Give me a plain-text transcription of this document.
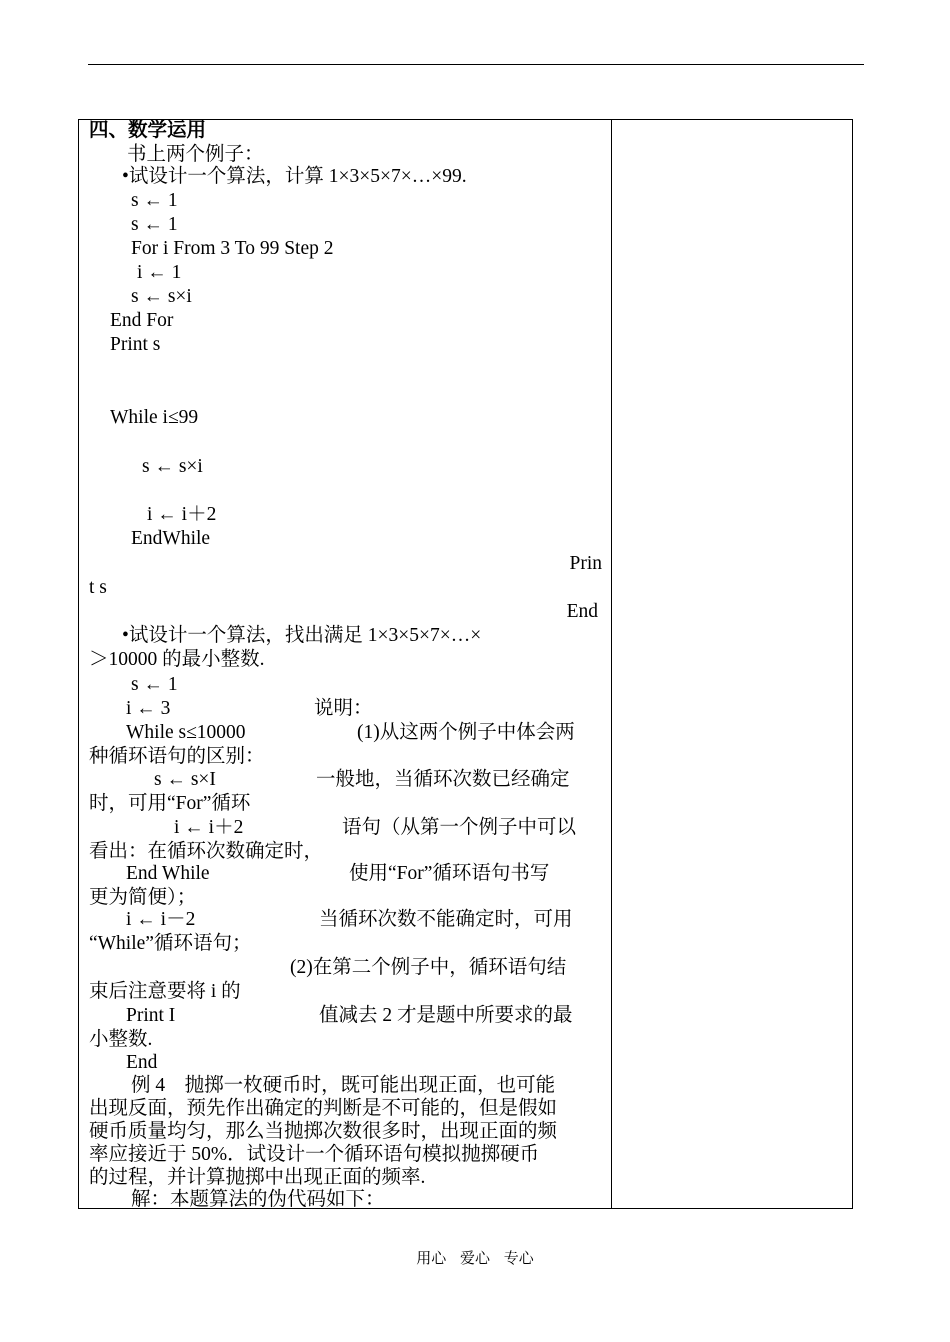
四、数学运用
书上两个例子：
•试设计一个算法，计算 1×3×5×7×…×99.
s ← 1
s ← 1
For i From 3 To 99 Step 2
i ← 1
s ← s×i
End For
Print s
While i≤99
s ← s×i
i ← i＋2
EndWhile
Prin
t s
End
•试设计一个算法，找出满足 1×3×5×7×…×
＞10000 的最小整数.
s ← 1
i ← 3	说明：
While s≤10000	(1)从这两个例子中体会两
种循环语句的区别：
s ← s×I	一般地，当循环次数已经确定
时，可用“For”循环
i ← i＋2	语句（从第一个例子中可以
看出：在循环次数确定时，
End While	使用“For”循环语句书写
更为简便）；
i ← i－2	当循环次数不能确定时，可用
“While”循环语句；
(2)在第二个例子中，循环语句结
束后注意要将 i 的
Print I	值减去 2 才是题中所要求的最
小整数.
End
例 4　抛掷一枚硬币时，既可能出现正面，也可能
出现反面，预先作出确定的判断是不可能的，但是假如
硬币质量均匀，那么当抛掷次数很多时，出现正面的频
率应接近于 50%．试设计一个循环语句模拟抛掷硬币
的过程，并计算抛掷中出现正面的频率.
解：本题算法的伪代码如下：
用心 爱心 专心
